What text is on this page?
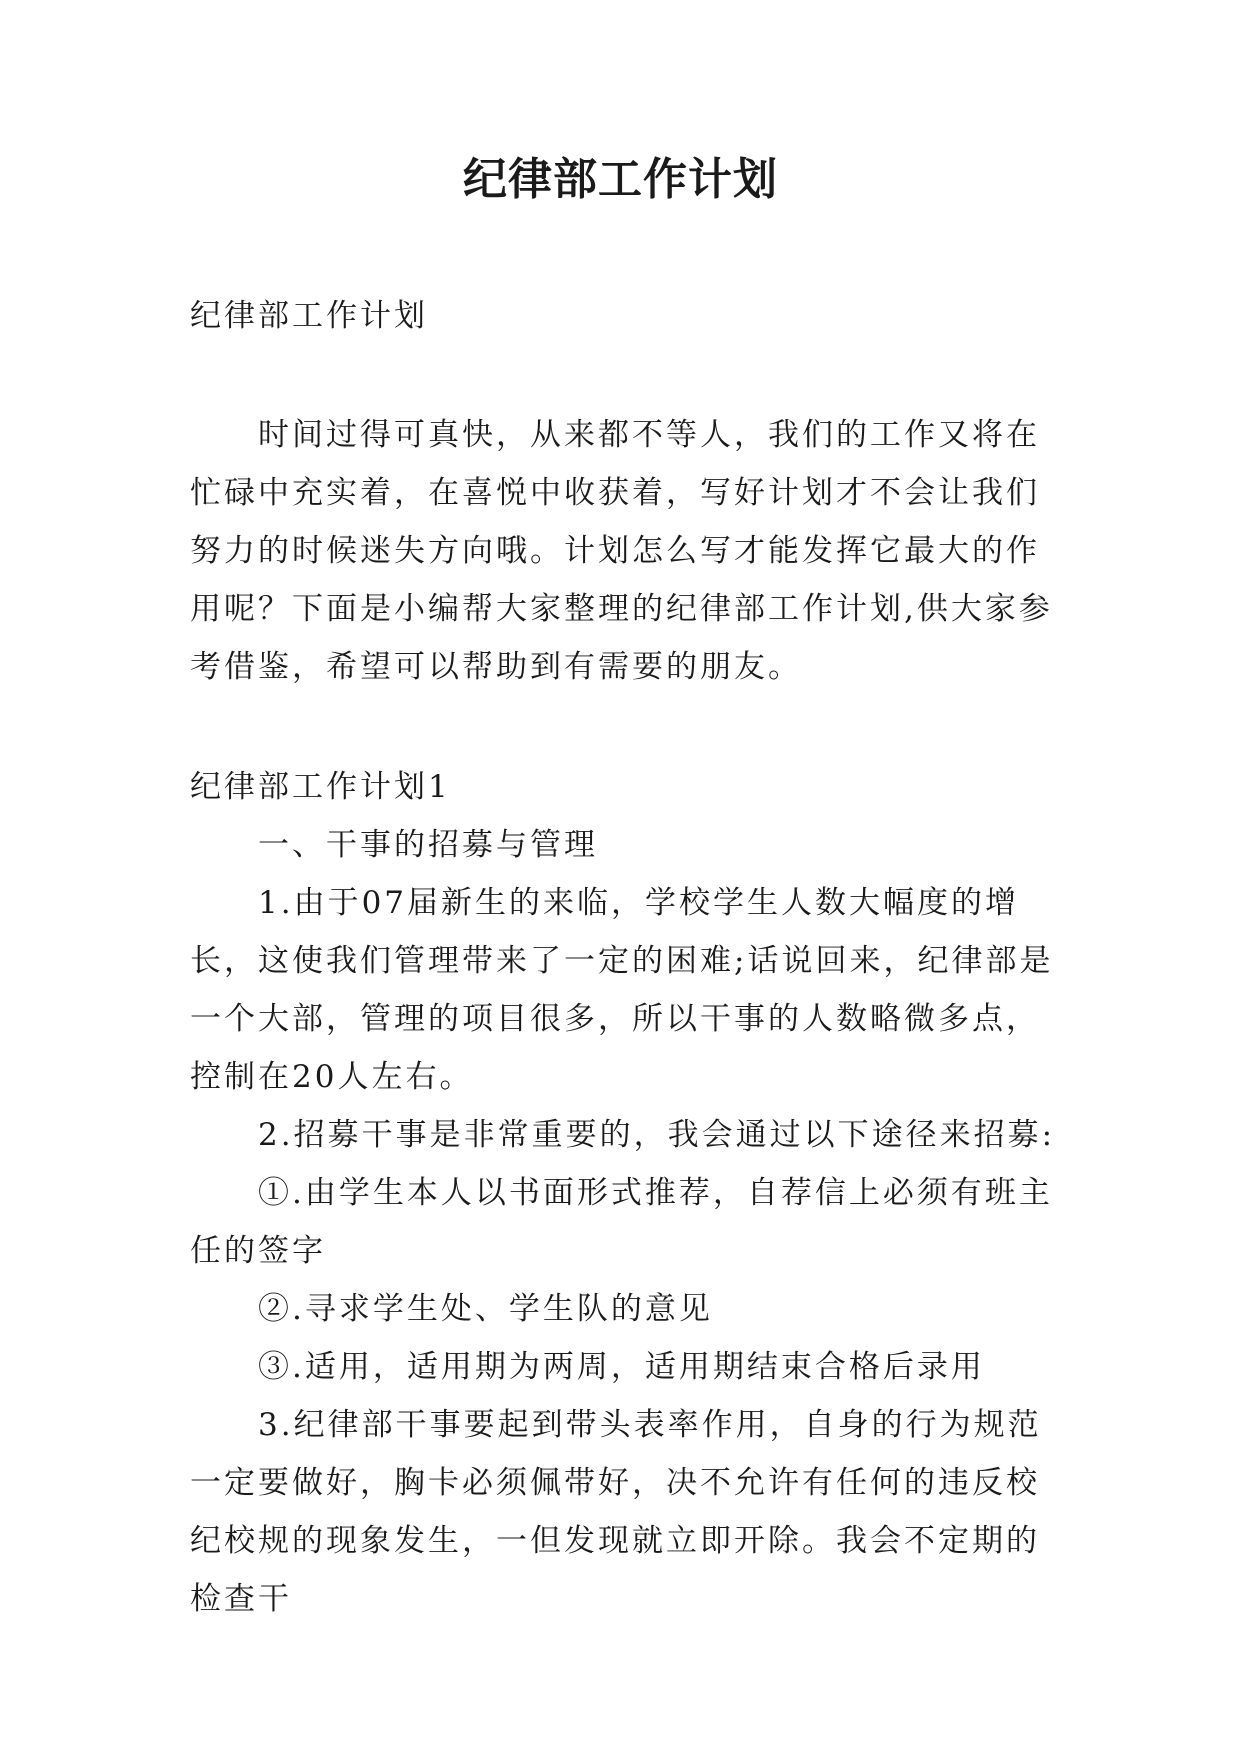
纪律部工作计划

纪律部工作计划

时间过得可真快，从来都不等人，我们的工作又将在忙碌中充实着，在喜悦中收获着，写好计划才不会让我们努力的时候迷失方向哦。计划怎么写才能发挥它最大的作用呢？下面是小编帮大家整理的纪律部工作计划,供大家参考借鉴，希望可以帮助到有需要的朋友。

纪律部工作计划1

一、干事的招募与管理

1.由于07届新生的来临，学校学生人数大幅度的增长，这使我们管理带来了一定的困难;话说回来，纪律部是一个大部，管理的项目很多，所以干事的人数略微多点，控制在20人左右。

2.招募干事是非常重要的，我会通过以下途径来招募:

①.由学生本人以书面形式推荐，自荐信上必须有班主任的签字

②.寻求学生处、学生队的意见

③.适用，适用期为两周，适用期结束合格后录用

3.纪律部干事要起到带头表率作用，自身的行为规范一定要做好，胸卡必须佩带好，决不允许有任何的违反校纪校规的现象发生，一但发现就立即开除。我会不定期的检查干
